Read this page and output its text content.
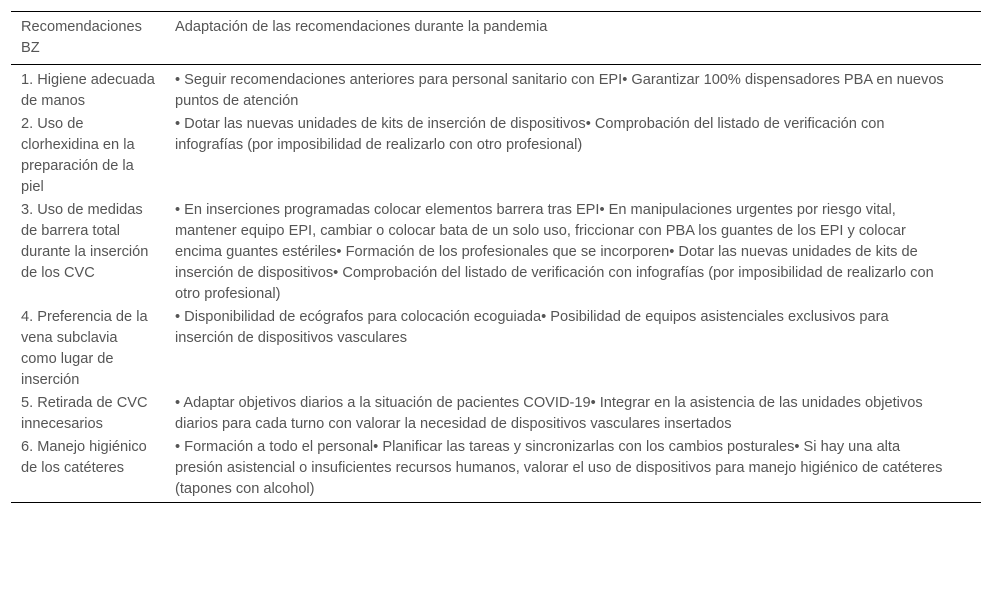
Recomendaciones BZ	Adaptación de las recomendaciones durante la pandemia
1. Higiene adecuada de manos	• Seguir recomendaciones anteriores para personal sanitario con EPI• Garantizar 100% dispensadores PBA en nuevos puntos de atención
2. Uso de clorhexidina en la preparación de la piel	• Dotar las nuevas unidades de kits de inserción de dispositivos• Comprobación del listado de verificación con infografías (por imposibilidad de realizarlo con otro profesional)
3. Uso de medidas de barrera total durante la inserción de los CVC	• En inserciones programadas colocar elementos barrera tras EPI• En manipulaciones urgentes por riesgo vital, mantener equipo EPI, cambiar o colocar bata de un solo uso, friccionar con PBA los guantes de los EPI y colocar encima guantes estériles• Formación de los profesionales que se incorporen• Dotar las nuevas unidades de kits de inserción de dispositivos• Comprobación del listado de verificación con infografías (por imposibilidad de realizarlo con otro profesional)
4. Preferencia de la vena subclavia como lugar de inserción	• Disponibilidad de ecógrafos para colocación ecoguiada• Posibilidad de equipos asistenciales exclusivos para inserción de dispositivos vasculares
5. Retirada de CVC innecesarios	• Adaptar objetivos diarios a la situación de pacientes COVID-19• Integrar en la asistencia de las unidades objetivos diarios para cada turno con valorar la necesidad de dispositivos vasculares insertados
6. Manejo higiénico de los catéteres	• Formación a todo el personal• Planificar las tareas y sincronizarlas con los cambios posturales• Si hay una alta presión asistencial o insuficientes recursos humanos, valorar el uso de dispositivos para manejo higiénico de catéteres (tapones con alcohol)
